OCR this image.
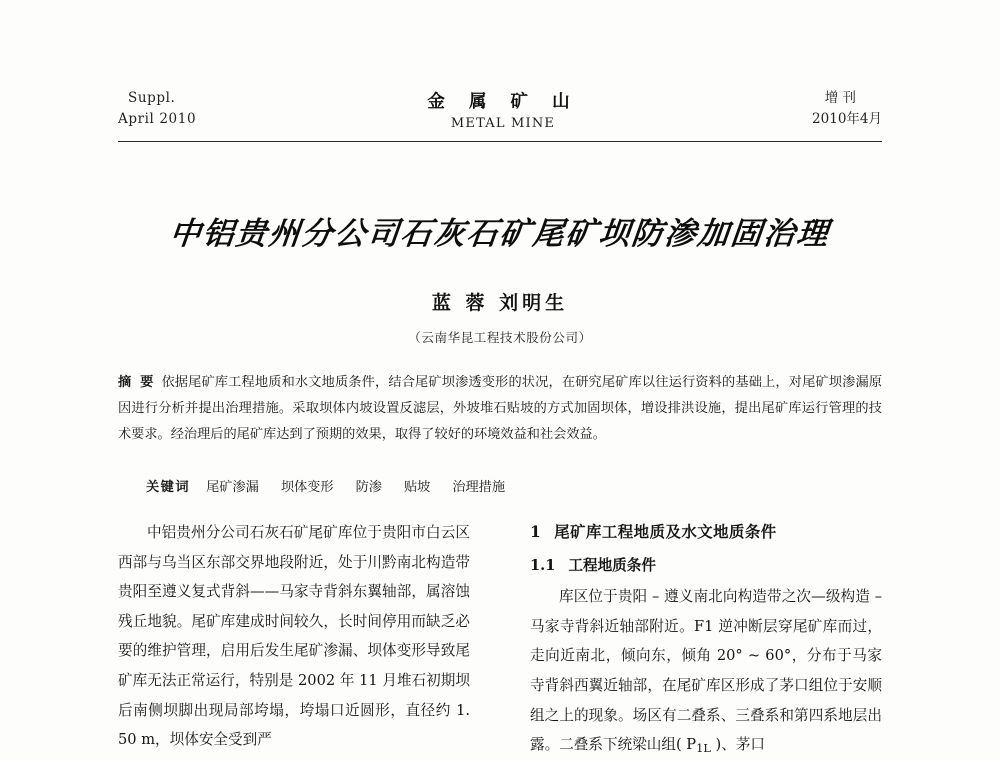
Suppl.
April 2010
金 属 矿 山
METAL MINE
增 刊
2010年4月
中铝贵州分公司石灰石矿尾矿坝防渗加固治理
蓝 蓉 刘明生
（云南华昆工程技术股份公司）
摘 要 依据尾矿库工程地质和水文地质条件，结合尾矿坝渗透变形的状况，在研究尾矿库以往运行资料的基础上，对尾矿坝渗漏原因进行分析并提出治理措施。采取坝体内坡设置反滤层，外坡堆石贴坡的方式加固坝体，增设排洪设施，提出尾矿库运行管理的技术要求。经治理后的尾矿库达到了预期的效果，取得了较好的环境效益和社会效益。
关键词 尾矿渗漏 坝体变形 防渗 贴坡 治理措施

中铝贵州分公司石灰石矿尾矿库位于贵阳市白云区西部与乌当区东部交界地段附近，处于川黔南北构造带贵阳至遵义复式背斜——马家寺背斜东翼轴部，属溶蚀残丘地貌。尾矿库建成时间较久，长时间停用而缺乏必要的维护管理，启用后发生尾矿渗漏、坝体变形导致尾矿库无法正常运行，特别是 2002 年 11 月堆石初期坝后南侧坝脚出现局部垮塌，垮塌口近圆形，直径约 1. 50 m，坝体安全受到严

1 尾矿库工程地质及水文地质条件
1.1 工程地质条件

库区位于贵阳 – 遵义南北向构造带之次—级构造 – 马家寺背斜近轴部附近。F1 逆冲断层穿尾矿库而过，走向近南北，倾向东，倾角 20° ~ 60°，分布于马家寺背斜西翼近轴部，在尾矿库区形成了茅口组位于安顺组之上的现象。场区有二叠系、三叠系和第四系地层出露。二叠系下统梁山组( $P_{1L}$ )、茅口
